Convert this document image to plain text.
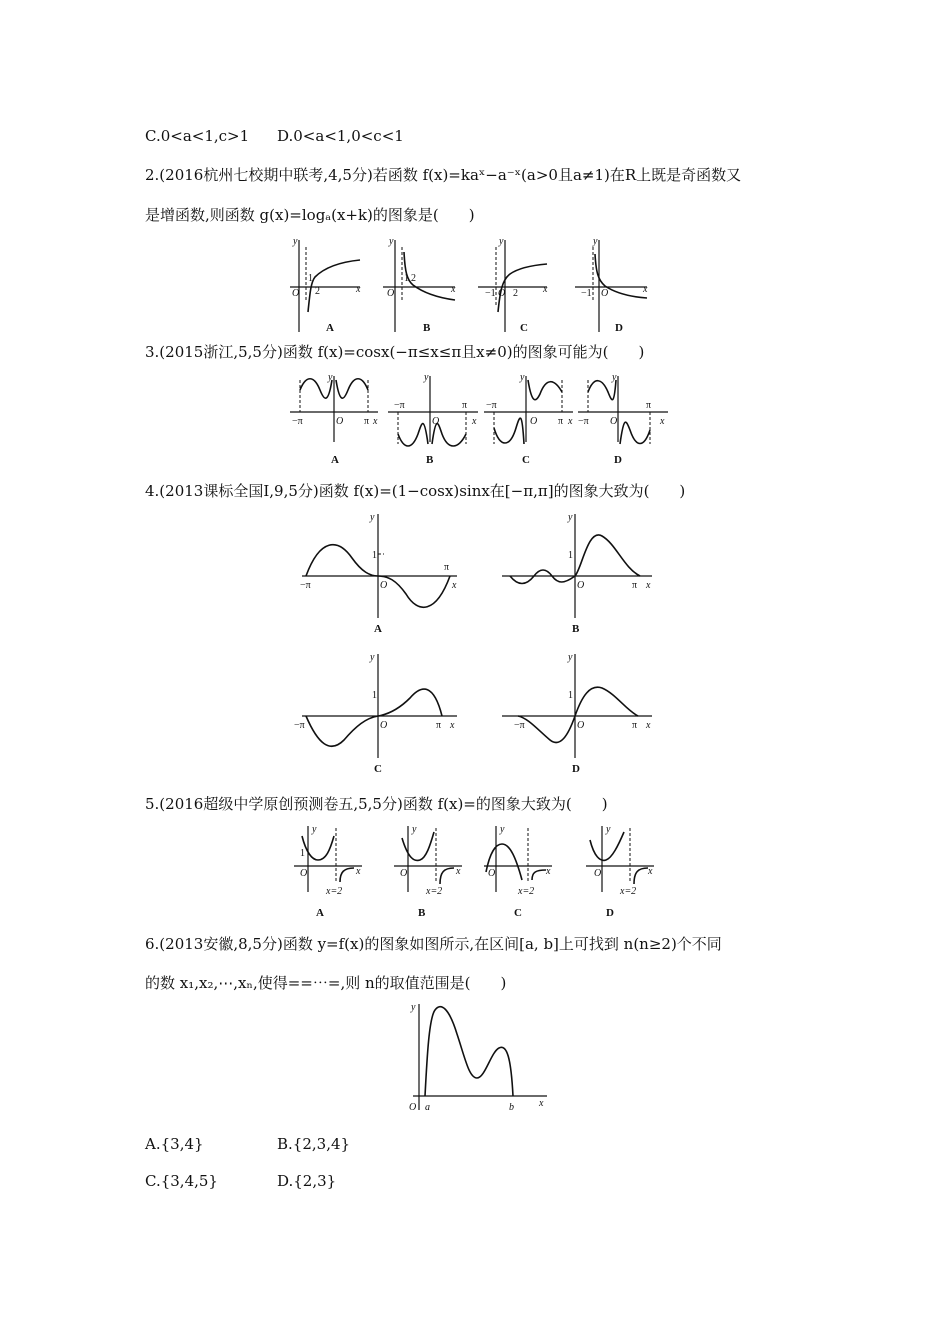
C.0<a<1,c>1 D.0<a<1,0<c<1
2.(2016杭州七校期中联考,4,5分)若函数 f(x)=kaˣ−a⁻ˣ(a>0且a≠1)在R上既是奇函数又
是增函数,则函数 g(x)=logₐ(x+k)的图象是(　　)
y
x
O
1
2
A
y
x
O
1 2
B
y
x
−1 O 2
C
y
x
−1 O
D
3.(2015浙江,5,5分)函数 f(x)=cosx(−π≤x≤π且x≠0)的图象可能为(　　)
y
−π	O π x
A
y
−π
O
π
x
B
y
−π
O π x
C
y
−π O
π
x
D
4.(2013课标全国Ⅰ,9,5分)函数 f(x)=(1−cosx)sinx在[−π,π]的图象大致为(　　)
y
1
−π	O
π
x
A
y
1
O	π x
B
y
1
−π	O	π x
C
y
1
−π	O	π x
D
5.(2016超级中学原创预测卷五,5,5分)函数 f(x)=的图象大致为(　　)
y
1
O	x
x=2
A
y
O	x
x=2
B
y
O	x
x=2
C
y
O	x
x=2
D
6.(2013安徽,8,5分)函数 y=f(x)的图象如图所示,在区间[a, b]上可找到 n(n≥2)个不同
的数 x₁,x₂,⋯,xₙ,使得==⋯=,则 n的取值范围是(　　)
y
O a	b	x
A.{3,4}	B.{2,3,4}
C.{3,4,5}	D.{2,3}
